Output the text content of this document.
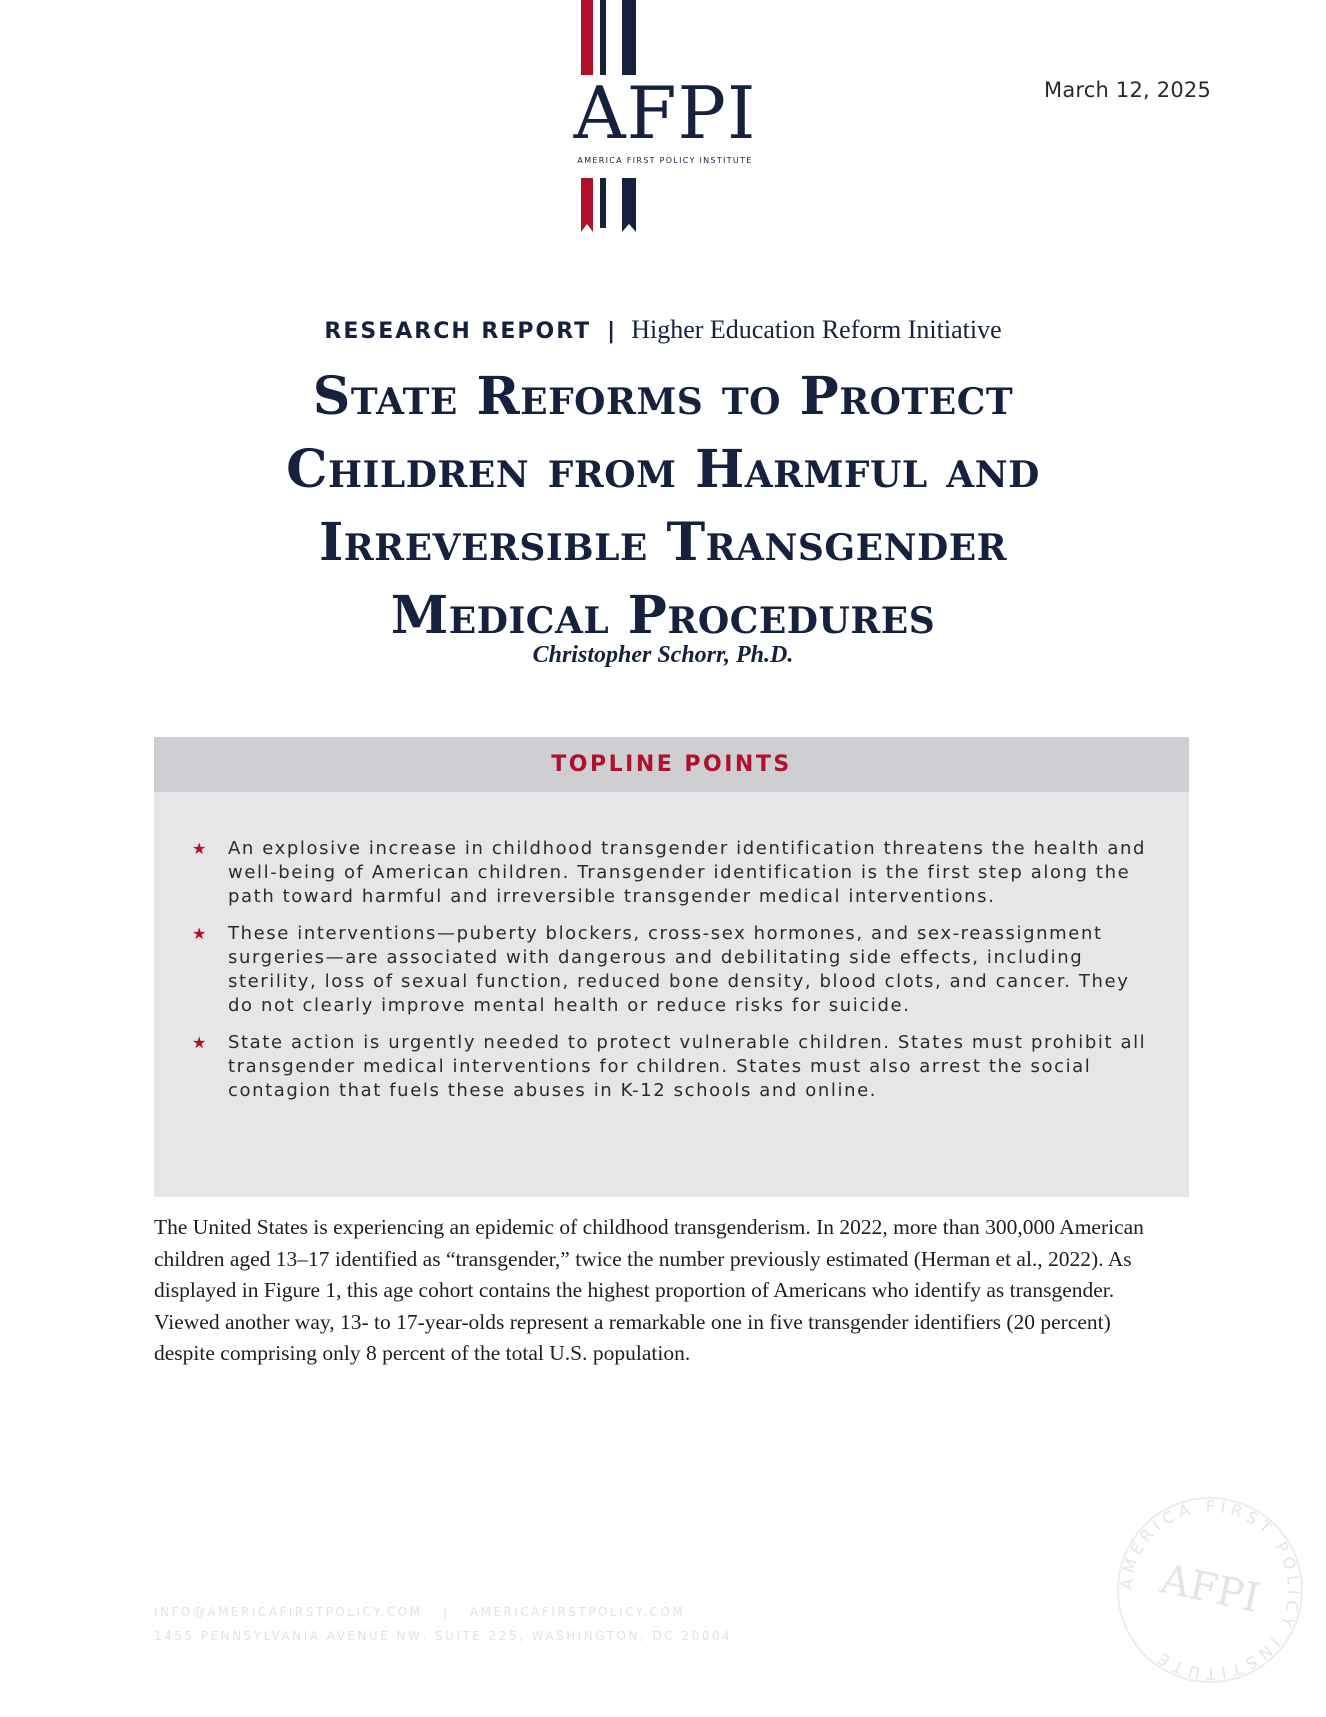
AFPI
AMERICA FIRST POLICY INSTITUTE
March 12, 2025
RESEARCH REPORT | Higher Education Reform Initiative
State Reforms to Protect
Children from Harmful and
Irreversible Transgender
Medical Procedures
Christopher Schorr, Ph.D.
TOPLINE POINTS
★ An explosive increase in childhood transgender identification threatens the health and well-being of American children. Transgender identification is the first step along the path toward harmful and irreversible transgender medical interventions.
★ These interventions—puberty blockers, cross-sex hormones, and sex-reassignment surgeries—are associated with dangerous and debilitating side effects, including sterility, loss of sexual function, reduced bone density, blood clots, and cancer. They do not clearly improve mental health or reduce risks for suicide.
★ State action is urgently needed to protect vulnerable children. States must prohibit all transgender medical interventions for children. States must also arrest the social contagion that fuels these abuses in K-12 schools and online.

The United States is experiencing an epidemic of childhood transgenderism. In 2022, more than 300,000 American children aged 13–17 identified as “transgender,” twice the number previously estimated (Herman et al., 2022). As displayed in Figure 1, this age cohort contains the highest proportion of Americans who identify as transgender. Viewed another way, 13- to 17-year-olds represent a remarkable one in five transgender identifiers (20 percent) despite comprising only 8 percent of the total U.S. population.

INFO@AMERICAFIRSTPOLICY.COM | AMERICAFIRSTPOLICY.COM
1455 PENNSYLVANIA AVENUE NW, SUITE 225, WASHINGTON, DC 20004
AMERICA FIRST POLICY INSTITUTE
AFPI
